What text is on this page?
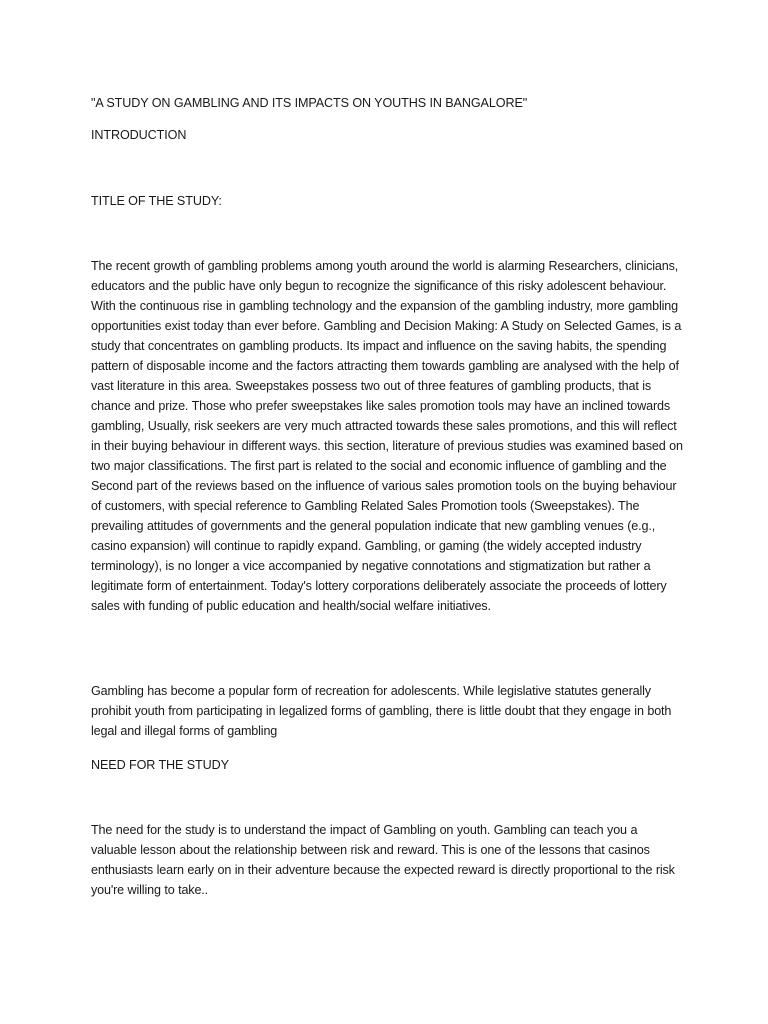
"A STUDY ON GAMBLING AND ITS IMPACTS ON YOUTHS IN BANGALORE"

INTRODUCTION

TITLE OF THE STUDY:

The recent growth of gambling problems among youth around the world is alarming Researchers, clinicians, educators and the public have only begun to recognize the significance of this risky adolescent behaviour. With the continuous rise in gambling technology and the expansion of the gambling industry, more gambling opportunities exist today than ever before. Gambling and Decision Making: A Study on Selected Games, is a study that concentrates on gambling products. Its impact and influence on the saving habits, the spending pattern of disposable income and the factors attracting them towards gambling are analysed with the help of vast literature in this area. Sweepstakes possess two out of three features of gambling products, that is chance and prize. Those who prefer sweepstakes like sales promotion tools may have an inclined towards gambling, Usually, risk seekers are very much attracted towards these sales promotions, and this will reflect in their buying behaviour in different ways. this section, literature of previous studies was examined based on two major classifications. The first part is related to the social and economic influence of gambling and the Second part of the reviews based on the influence of various sales promotion tools on the buying behaviour of customers, with special reference to Gambling Related Sales Promotion tools (Sweepstakes). The prevailing attitudes of governments and the general population indicate that new gambling venues (e.g., casino expansion) will continue to rapidly expand. Gambling, or gaming (the widely accepted industry terminology), is no longer a vice accompanied by negative connotations and stigmatization but rather a legitimate form of entertainment. Today's lottery corporations deliberately associate the proceeds of lottery sales with funding of public education and health/social welfare initiatives.

Gambling has become a popular form of recreation for adolescents. While legislative statutes generally prohibit youth from participating in legalized forms of gambling, there is little doubt that they engage in both legal and illegal forms of gambling

NEED FOR THE STUDY

The need for the study is to understand the impact of Gambling on youth. Gambling can teach you a valuable lesson about the relationship between risk and reward. This is one of the lessons that casinos enthusiasts learn early on in their adventure because the expected reward is directly proportional to the risk you're willing to take..
